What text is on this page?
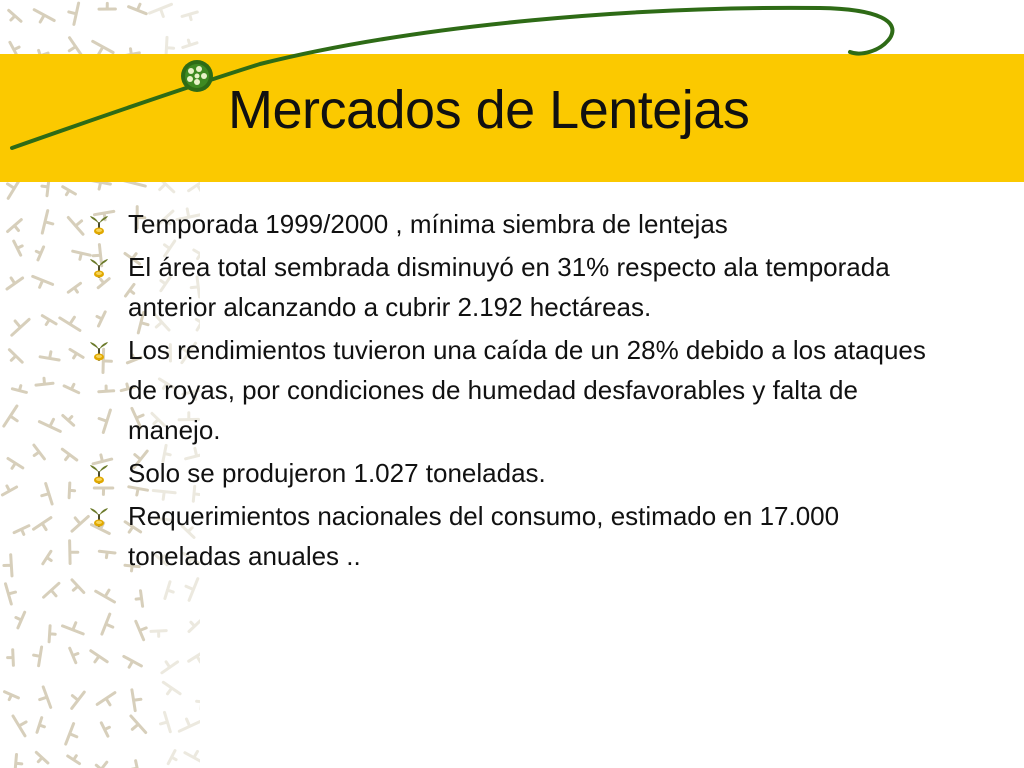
Mercados de Lentejas
Temporada 1999/2000 , mínima siembra de lentejas
El área total sembrada disminuyó en 31% respecto ala temporada anterior alcanzando a cubrir 2.192 hectáreas.
Los rendimientos tuvieron una caída de un 28% debido a los ataques de royas, por condiciones de humedad desfavorables y falta de manejo.
Solo se produjeron 1.027 toneladas.
Requerimientos nacionales del consumo, estimado en 17.000 toneladas anuales ..
